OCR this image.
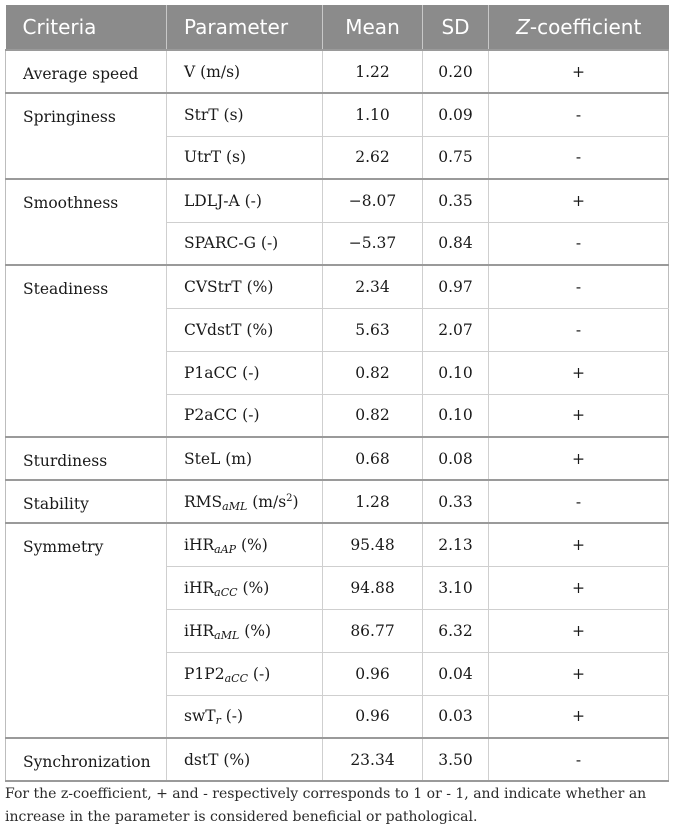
Criteria	Parameter	Mean	SD	Z-coefficient
Average speed	V (m/s)	1.22	0.20	+
Springiness	StrT (s)	1.10	0.09	-
	UtrT (s)	2.62	0.75	-
Smoothness	LDLJ-A (-)	−8.07	0.35	+
	SPARC-G (-)	−5.37	0.84	-
Steadiness	CVStrT (%)	2.34	0.97	-
	CVdstT (%)	5.63	2.07	-
	P1aCC (-)	0.82	0.10	+
	P2aCC (-)	0.82	0.10	+
Sturdiness	SteL (m)	0.68	0.08	+
Stability	$RMS_{aML}$ $(m/s^2)$	1.28	0.33	-
Symmetry	iHR$_{aAP}$ (%)	95.48	2.13	+
	iHR$_{aCC}$ (%)	94.88	3.10	+
	iHR$_{aML}$ (%)	86.77	6.32	+
	$P1P2_{aCC}$ (-)	0.96	0.04	+
	swT$_r$ (-)	0.96	0.03	+
Synchronization	dstT (%)	23.34	3.50	-

For the z-coefficient, + and - respectively corresponds to 1 or - 1, and indicate whether an increase in the parameter is considered beneficial or pathological.
